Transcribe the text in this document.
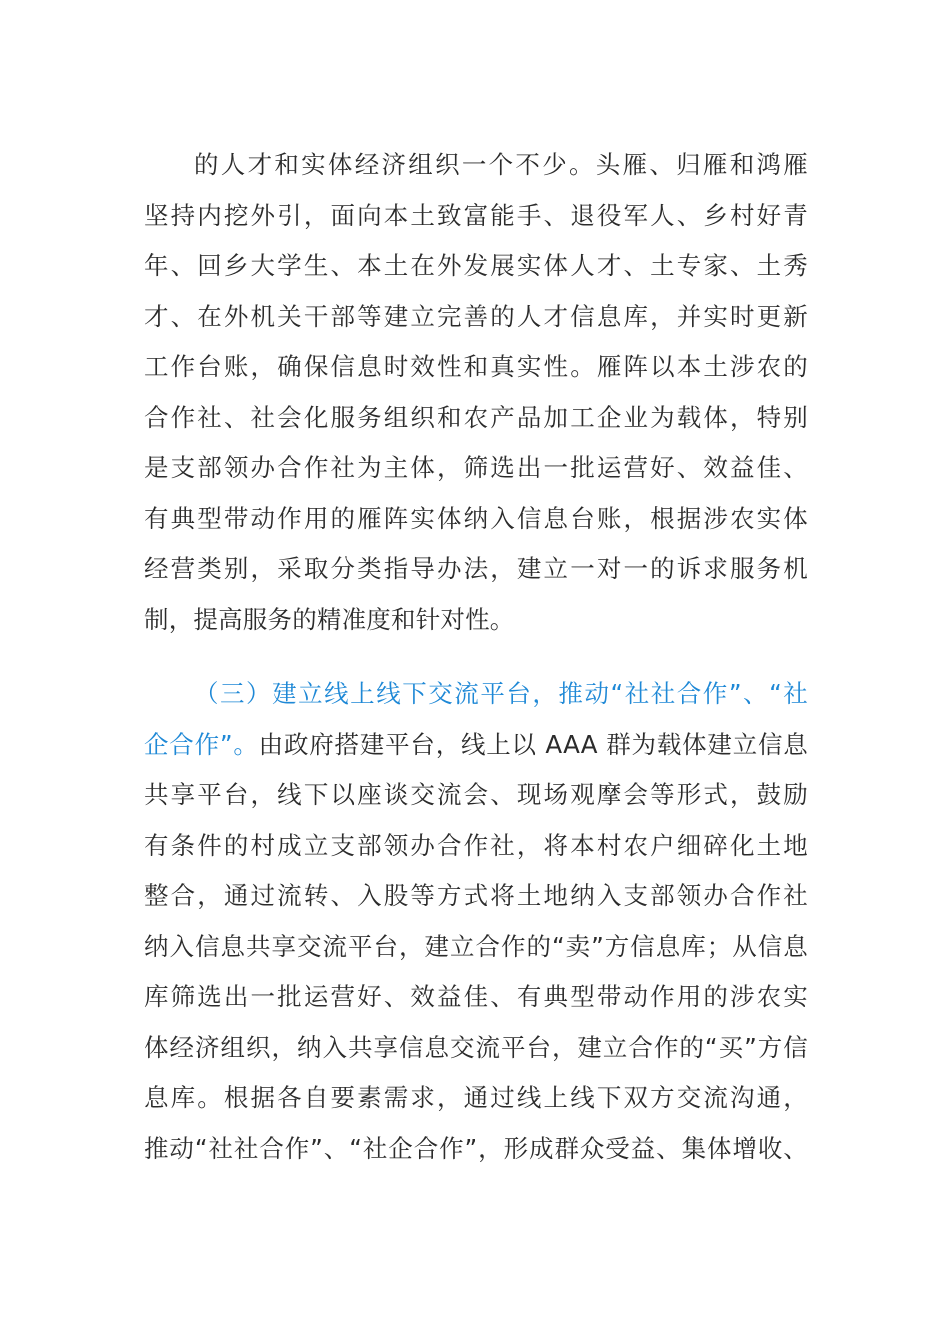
的人才和实体经济组织一个不少。头雁、归雁和鸿雁
坚持内挖外引，面向本土致富能手、退役军人、乡村好青
年、回乡大学生、本土在外发展实体人才、土专家、土秀
才、在外机关干部等建立完善的人才信息库，并实时更新
工作台账，确保信息时效性和真实性。雁阵以本土涉农的
合作社、社会化服务组织和农产品加工企业为载体，特别
是支部领办合作社为主体，筛选出一批运营好、效益佳、
有典型带动作用的雁阵实体纳入信息台账，根据涉农实体
经营类别，采取分类指导办法，建立一对一的诉求服务机
制，提高服务的精准度和针对性。
（三）建立线上线下交流平台，推动“社社合作”、“社
企合作”。由政府搭建平台，线上以 AAA 群为载体建立信息
共享平台，线下以座谈交流会、现场观摩会等形式，鼓励
有条件的村成立支部领办合作社，将本村农户细碎化土地
整合，通过流转、入股等方式将土地纳入支部领办合作社
纳入信息共享交流平台，建立合作的“卖”方信息库；从信息
库筛选出一批运营好、效益佳、有典型带动作用的涉农实
体经济组织，纳入共享信息交流平台，建立合作的“买”方信
息库。根据各自要素需求，通过线上线下双方交流沟通，
推动“社社合作”、“社企合作”，形成群众受益、集体增收、
